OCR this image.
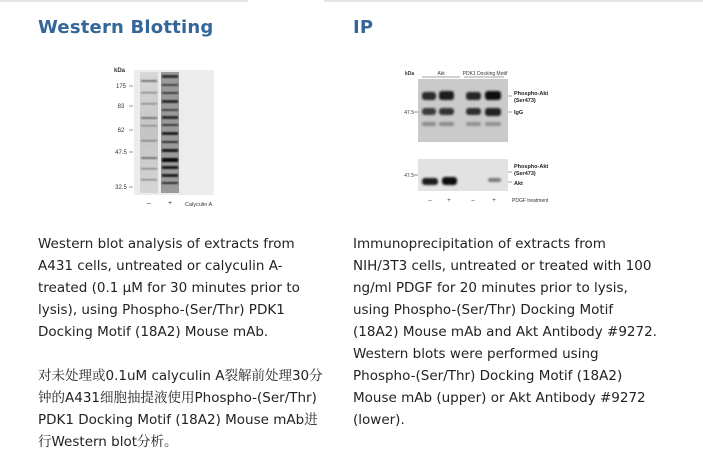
Western Blotting
kDa
175
83
62
47.5
32.5
– + Calyculin A

Western blot analysis of extracts from A431 cells, untreated or calyculin A-treated (0.1 μM for 30 minutes prior to lysis), using Phospho-(Ser/Thr) PDK1 Docking Motif (18A2) Mouse mAb.

对未处理或0.1uM calyculin A裂解前处理30分钟的A431细胞抽提液使用Phospho-(Ser/Thr) PDK1 Docking Motif (18A2) Mouse mAb进行Western blot分析。

IP
kDa	Akt	PDK1 Docking Motif
47.5
Phospho-Akt
(Ser473)
IgG
47.5
Phospho-Akt
(Ser473)
Akt
–	+	–	+	PDGF treatment

Immunoprecipitation of extracts from NIH/3T3 cells, untreated or treated with 100 ng/ml PDGF for 20 minutes prior to lysis, using Phospho-(Ser/Thr) Docking Motif (18A2) Mouse mAb and Akt Antibody #9272. Western blots were performed using Phospho-(Ser/Thr) Docking Motif (18A2) Mouse mAb (upper) or Akt Antibody #9272 (lower).
